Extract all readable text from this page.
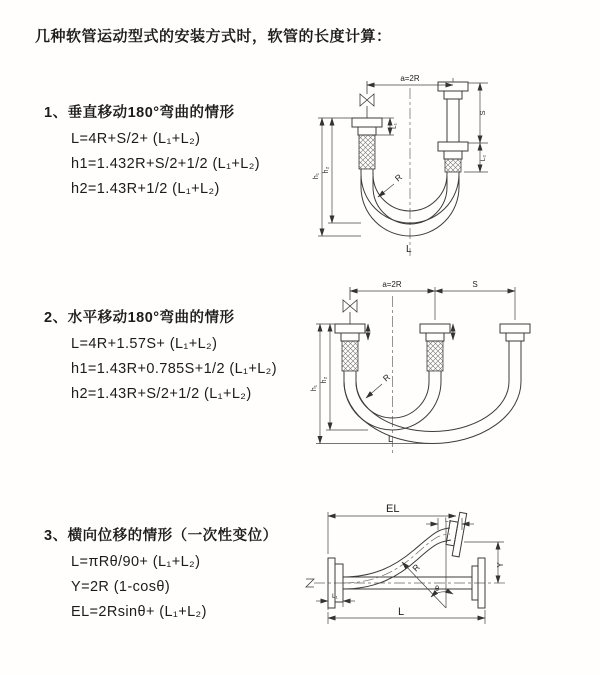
几种软管运动型式的安装方式时，软管的长度计算：
1、垂直移动180°弯曲的情形
L=4R+S/2+ (L₁+L₂)
h1=1.432R+S/2+1/2 (L₁+L₂)
h2=1.43R+1/2 (L₁+L₂)
a=2R
S
L₂
h₁
h₂
L₁
R
L
2、水平移动180°弯曲的情形
L=4R+1.57S+ (L₁+L₂)
h1=1.43R+0.785S+1/2 (L₁+L₂)
h2=1.43R+S/2+1/2 (L₁+L₂)
a=2R	S
h₁
h₂	R
L
3、横向位移的情形（一次性变位）
L=πRθ/90+ (L₁+L₂)
Y=2R (1-cosθ)
EL=2Rsinθ+ (L₁+L₂)
EL
L₂
Y
R
θ
L₁
L
